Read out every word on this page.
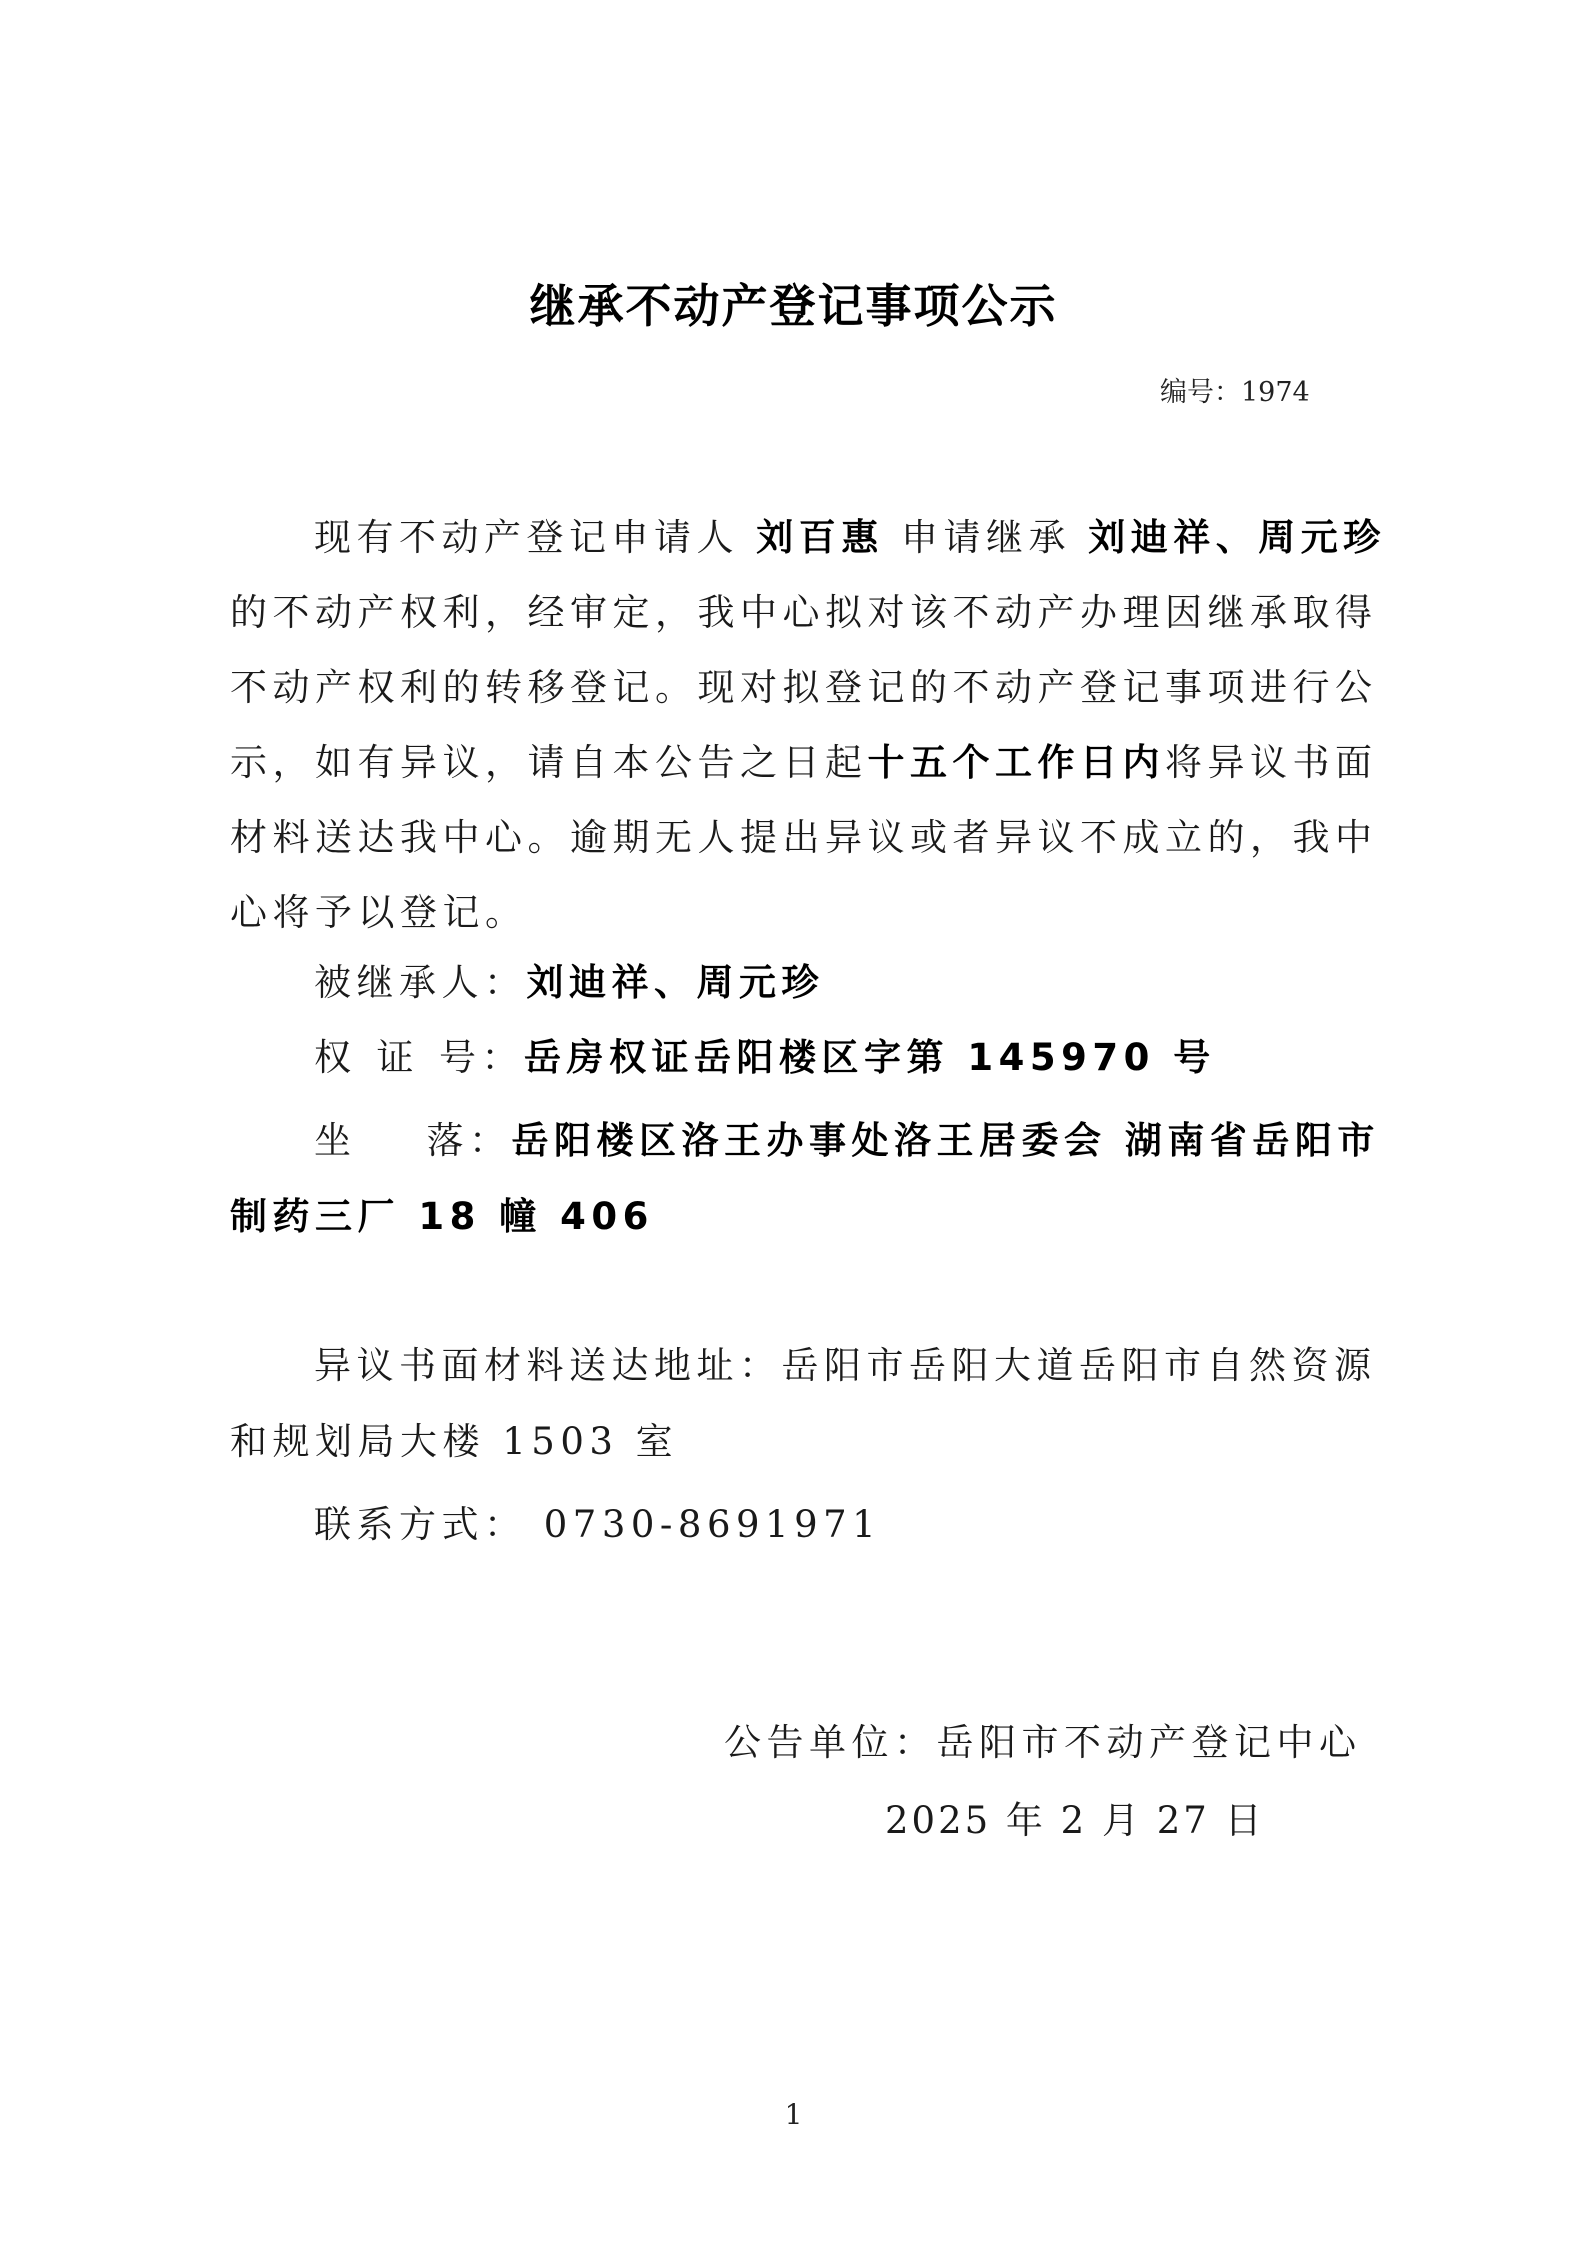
继承不动产登记事项公示
编号：1974
现有不动产登记申请人 刘百惠 申请继承 刘迪祥、周元珍
的不动产权利，经审定，我中心拟对该不动产办理因继承取得
不动产权利的转移登记。现对拟登记的不动产登记事项进行公
示，如有异议，请自本公告之日起十五个工作日内将异议书面
材料送达我中心。逾期无人提出异议或者异议不成立的，我中
心将予以登记。
被继承人：刘迪祥、周元珍
权 证 号：岳房权证岳阳楼区字第 145970 号
坐 落：岳阳楼区洛王办事处洛王居委会 湖南省岳阳市
制药三厂 18 幢 406
异议书面材料送达地址：岳阳市岳阳大道岳阳市自然资源
和规划局大楼 1503 室
联系方式： 0730-8691971
公告单位：岳阳市不动产登记中心
2025 年 2 月 27 日
1
